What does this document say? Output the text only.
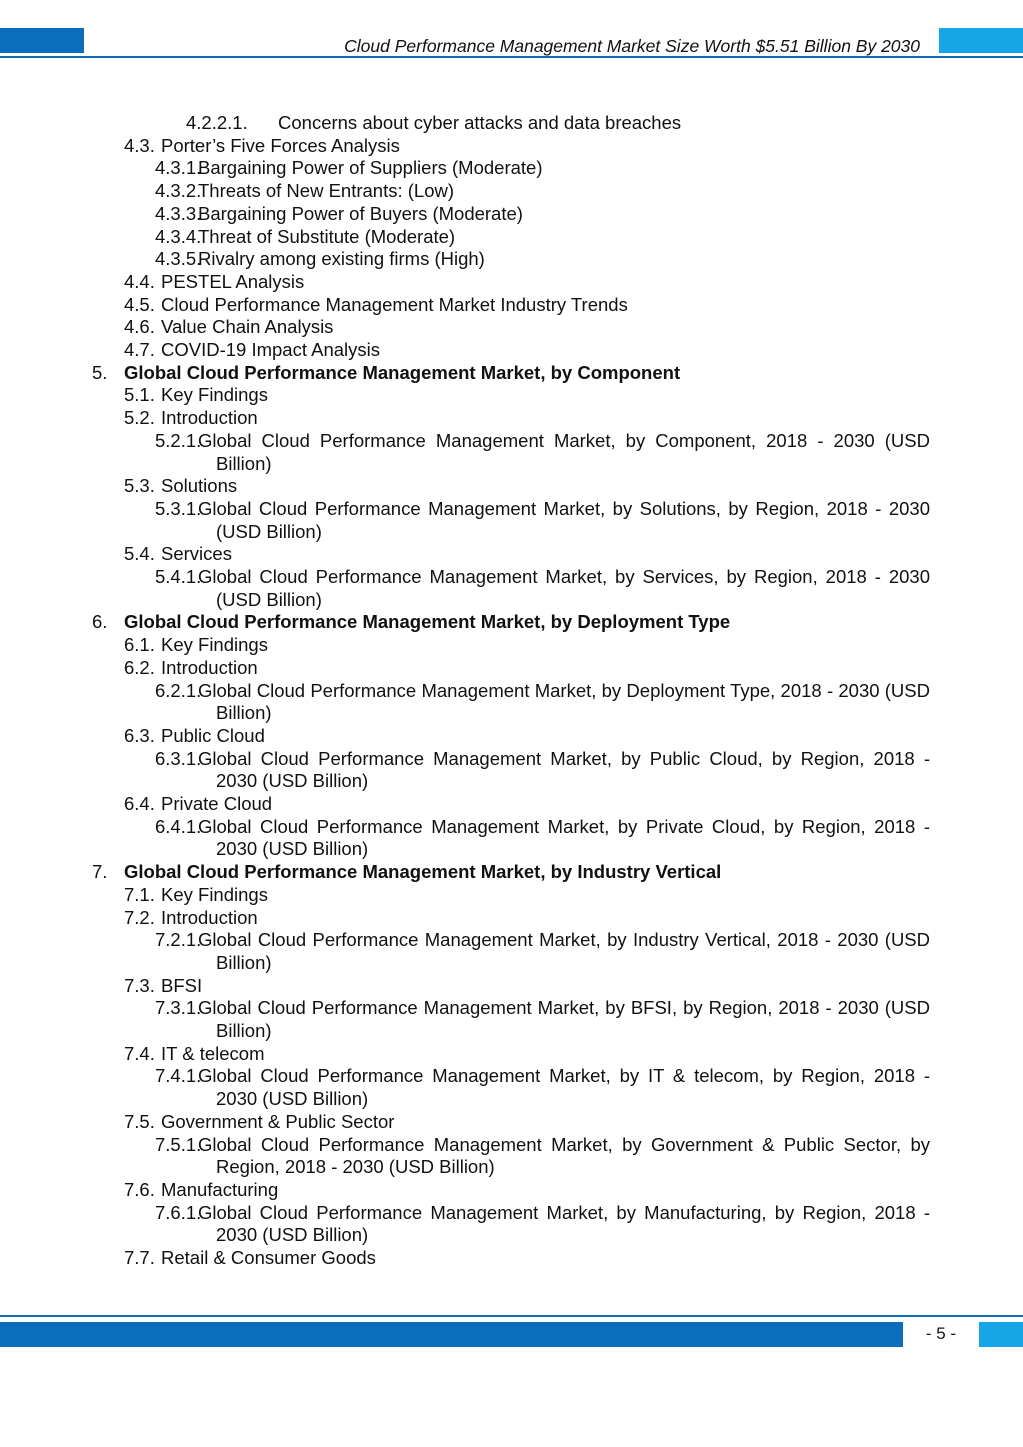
Cloud Performance Management Market Size Worth $5.51 Billion By 2030
4.2.2.1.	Concerns about cyber attacks and data breaches
4.3. Porter’s Five Forces Analysis
4.3.1.
Bargaining Power of Suppliers (Moderate)
4.3.2.
Threats of New Entrants: (Low)
4.3.3.
Bargaining Power of Buyers (Moderate)
4.3.4.
Threat of Substitute (Moderate)
4.3.5.
Rivalry among existing firms (High)
4.4. PESTEL Analysis
4.5. Cloud Performance Management Market Industry Trends
4.6. Value Chain Analysis
4.7. COVID-19 Impact Analysis
5. Global Cloud Performance Management Market, by Component
5.1. Key Findings
5.2. Introduction
5.2.1.
Global Cloud Performance Management Market, by Component, 2018 - 2030 (USD Billion)
5.3. Solutions
5.3.1.
Global Cloud Performance Management Market, by Solutions, by Region, 2018 - 2030 (USD Billion)
5.4. Services
5.4.1.
Global Cloud Performance Management Market, by Services, by Region, 2018 - 2030 (USD Billion)
6. Global Cloud Performance Management Market, by Deployment Type
6.1. Key Findings
6.2. Introduction
6.2.1.
Global Cloud Performance Management Market, by Deployment Type, 2018 - 2030 (USD Billion)
6.3. Public Cloud
6.3.1.
Global Cloud Performance Management Market, by Public Cloud, by Region, 2018 - 2030 (USD Billion)
6.4. Private Cloud
6.4.1.
Global Cloud Performance Management Market, by Private Cloud, by Region, 2018 - 2030 (USD Billion)
7. Global Cloud Performance Management Market, by Industry Vertical
7.1. Key Findings
7.2. Introduction
7.2.1.
Global Cloud Performance Management Market, by Industry Vertical, 2018 - 2030 (USD Billion)
7.3. BFSI
7.3.1.
Global Cloud Performance Management Market, by BFSI, by Region, 2018 - 2030 (USD Billion)
7.4. IT & telecom
7.4.1.
Global Cloud Performance Management Market, by IT & telecom, by Region, 2018 - 2030 (USD Billion)
7.5. Government & Public Sector
7.5.1.
Global Cloud Performance Management Market, by Government & Public Sector, by Region, 2018 - 2030 (USD Billion)
7.6. Manufacturing
7.6.1.
Global Cloud Performance Management Market, by Manufacturing, by Region, 2018 - 2030 (USD Billion)
7.7. Retail & Consumer Goods
- 5 -
